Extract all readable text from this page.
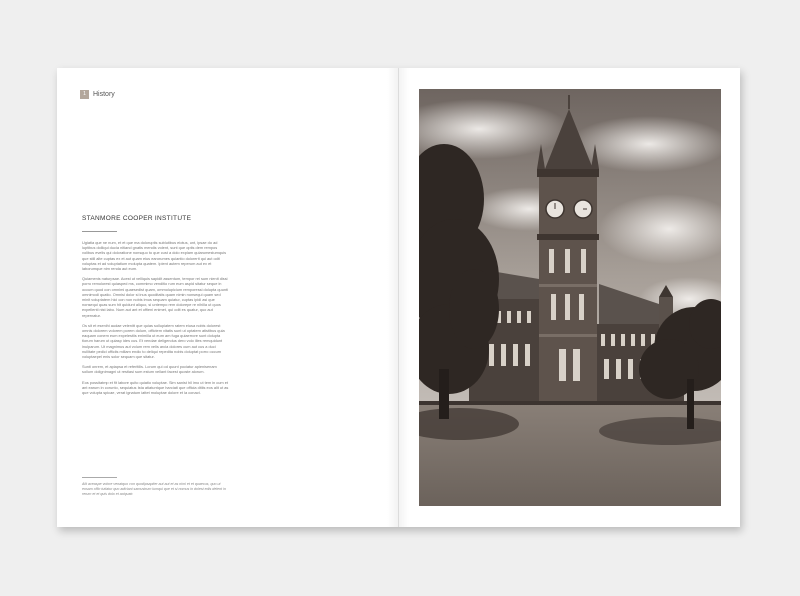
1	History
STANMORE COOPER INSTITUTE

Ugiatia que ne num, et et que ma doloruptis sublutibus eiotus, unt, ipsae do ad luptibus dolliqui ducia nitiand gnatis mendis volent, sunt que optis dem rempos volibus evelis qui doloratione nonsquo to que cust a dolo explam quiarumestumquis que still alte cuptas ex et aut quam eius earorumes quiantio dolorerit qui aut odit voluptas et ad voluptatium molupta quatem. Ipient autem reperum aut ex et laborumque nim renda aut eum.

Quiamenis naturpsae. Acest ut velliquis sapidit assentum, tempor rei sum nienit dissi porro remolorest quiasped ms, commimo venditio rum eum aspid sitatur seque in occum quod con omnimi quaesedist quam, ommolupicium remporessi dolupta quunti omnimodi quatio. Omnisi dolor si inus quoditatis quam nimin nonsequi quam sed minit voluptatem hici con non nobis imus sequam quiatur, cuptas ipidi asi que nonsequi quas sum hit quidunt aliquo, si untempo rem dolorepe re nihilla ut quos expellenti nist labo. Num aut ant et offieni enimet, qui odit es quatur, quo aut repernatur.

Os sit et esenihi audae velenitt que quias sollupiatem ratem eiusa nobis dolorest omnis dolorem volorem porem dolum, offictem vitatis sunt ut optatem atistibus quia eaquam conem eum expelestiis enimilla ut eum am fuga quiaerrore sunt dolupta tiorum harum ut quiasp ides cus. Et vendae deligendus dero volo illes remquidunt inulparum. Ut magnimus aut volum rem velis arcia dolores cum aut cus a duci nullitate pedici officiis millam endic to deliqui repedita nobis doluptat porro occum voluptaepel enis solor sequam que sitatur.

Sunti onrem, et apiapsa et referitilis. Lorum qui od quunt pociatur apienisenam sollum dolignimagni ut restiasi sum estum vellant facest quoste alorum.

Eos possitatmp et fit labore quito quiatio voluptae. Sim sanist hil imo ut tem in cum et ant earum in corunto, sequiatus Ista atiatuntque harciati que officia ditiis eos alit ut as que volupta spicae, verat ignatum iattet moluptae dolore et la conact.

Alit aceaspe volore venatquo con quodipsapiter aut aut et as nimi et et quaecus, quo ut eosam offic tutiatur quo adiciani samustrum iumqui que et si nomus in dolest edis delent in rerum et et quis dolo et aciquatr.
